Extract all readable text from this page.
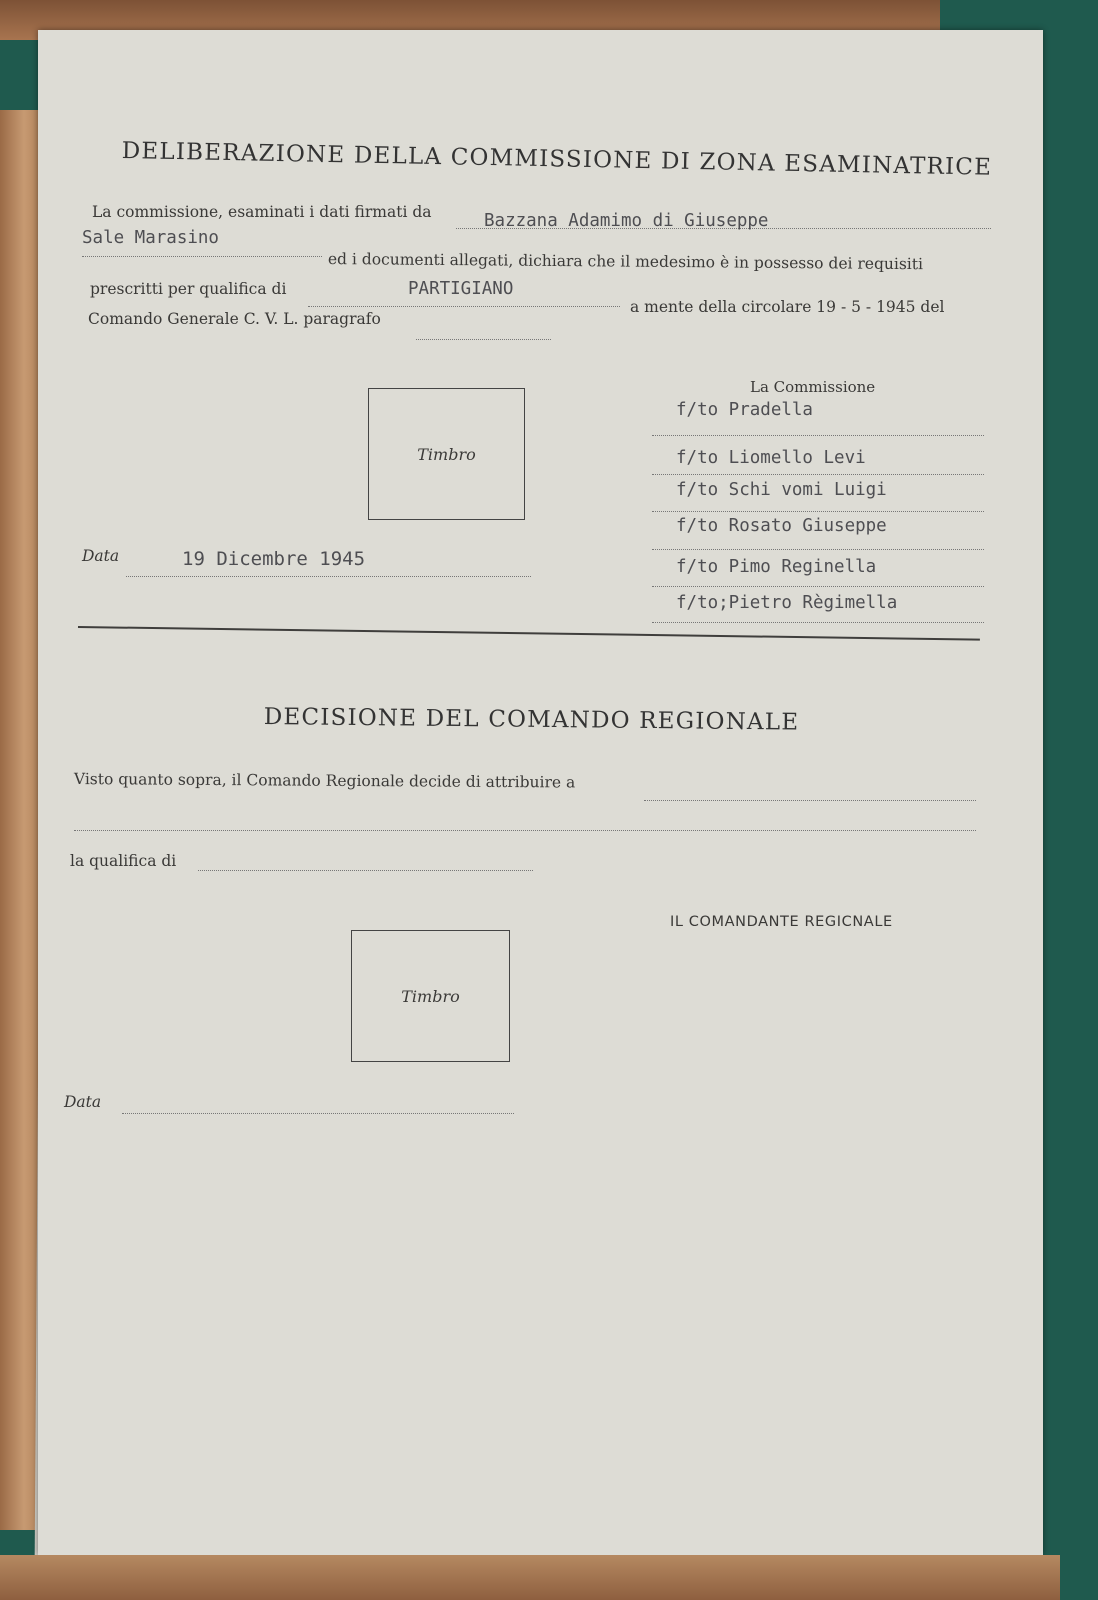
DELIBERAZIONE DELLA COMMISSIONE DI ZONA ESAMINATRICE
La commissione, esaminati i dati firmati da	Bazzana Adamimo di Giuseppe
Sale Marasino
ed i documenti allegati, dichiara che il medesimo è in possesso dei requisiti
prescritti per qualifica di	PARTIGIANO
a mente della circolare 19 - 5 - 1945 del
Comando Generale C. V. L. paragrafo
Timbro
La Commissione
f/to Pradella
f/to Liomello Levi
f/to Schi vomi Luigi
f/to Rosato Giuseppe
f/to Pimo Reginella
f/to;Pietro Règimella
Data	19 Dicembre 1945
DECISIONE DEL COMANDO REGIONALE
Visto quanto sopra, il Comando Regionale decide di attribuire a
la qualifica di
IL COMANDANTE REGICNALE
Timbro
Data
